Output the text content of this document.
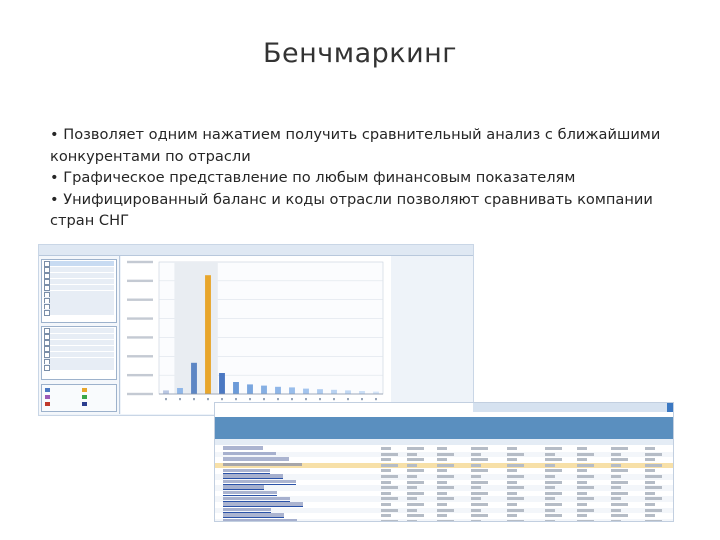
Бенчмаркинг
• Позволяет одним нажатием получить сравнительный анализ с ближайшими конкурентами по отрасли
• Графическое представление по любым финансовым показателям
• Унифицированный баланс и коды отрасли позволяют сравнивать компании стран СНГ
